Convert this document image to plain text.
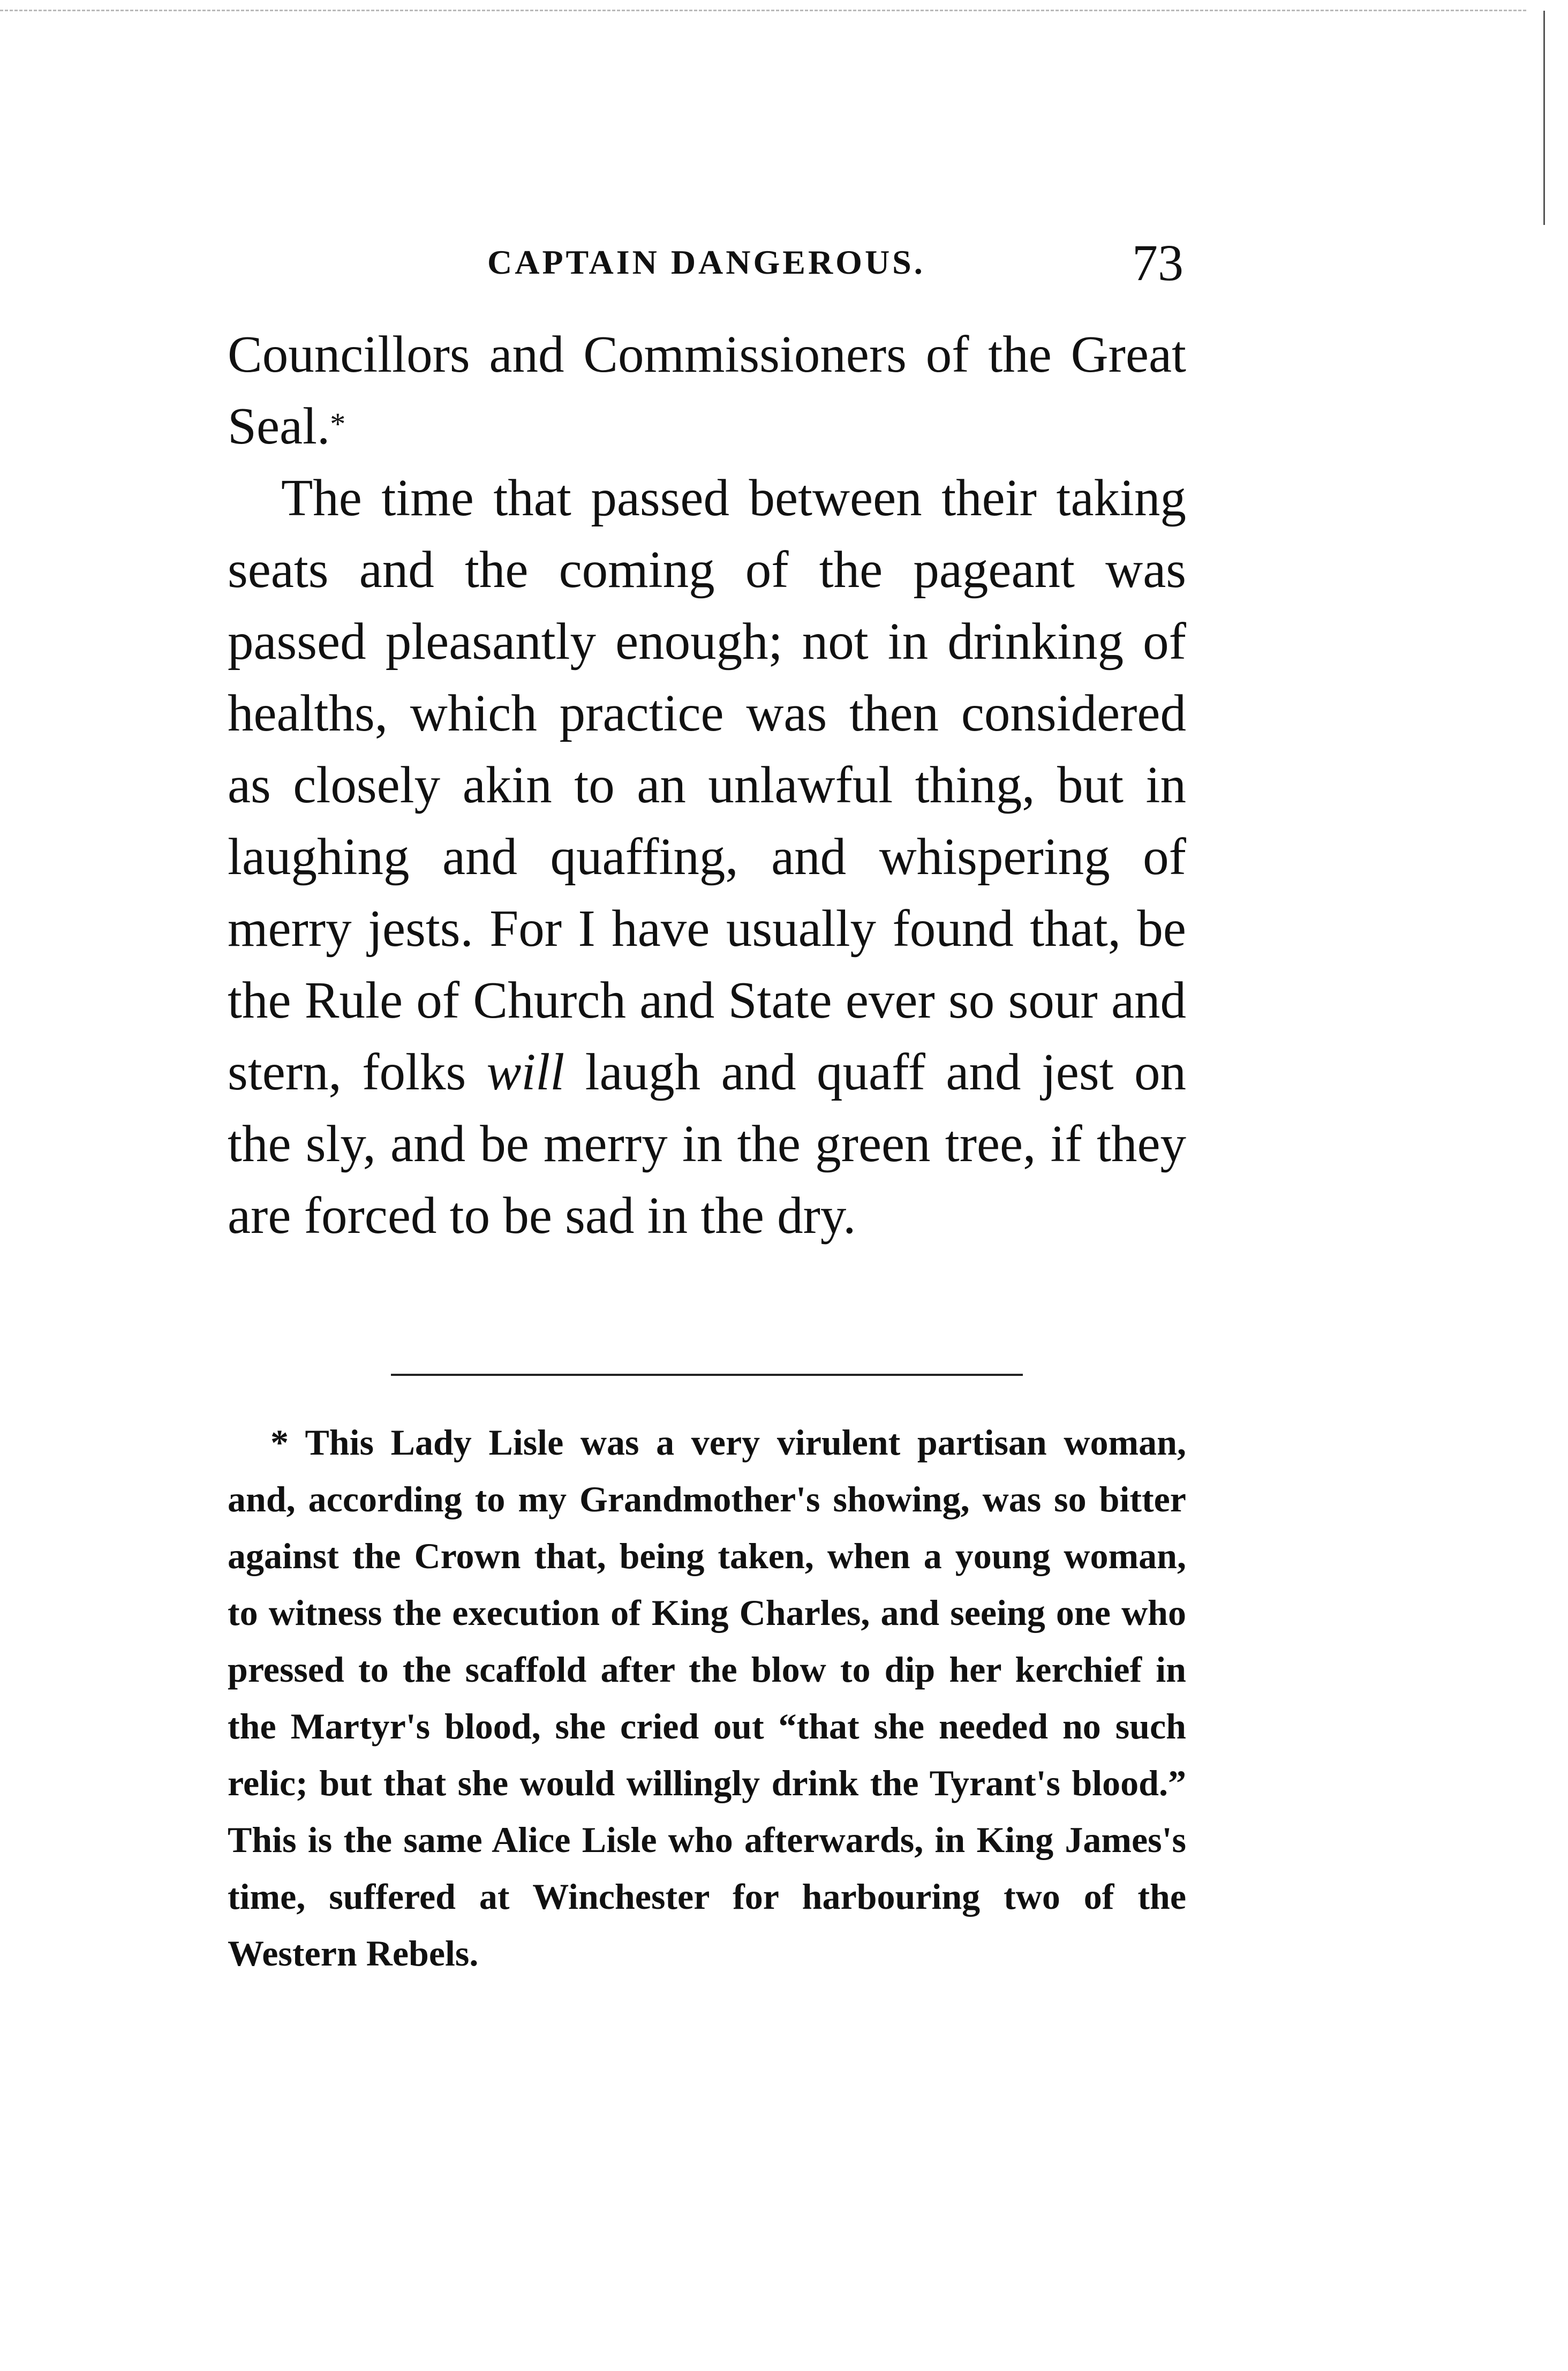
CAPTAIN DANGEROUS.	73

Councillors and Commissioners of the Great Seal.*

The time that passed between their taking seats and the coming of the pageant was passed pleasantly enough; not in drinking of healths, which practice was then considered as closely akin to an unlawful thing, but in laughing and quaffing, and whispering of merry jests. For I have usually found that, be the Rule of Church and State ever so sour and stern, folks will laugh and quaff and jest on the sly, and be merry in the green tree, if they are forced to be sad in the dry.

* This Lady Lisle was a very virulent partisan woman, and, according to my Grandmother's showing, was so bitter against the Crown that, being taken, when a young woman, to witness the execution of King Charles, and seeing one who pressed to the scaffold after the blow to dip her kerchief in the Martyr's blood, she cried out “that she needed no such relic; but that she would willingly drink the Tyrant's blood.” This is the same Alice Lisle who afterwards, in King James's time, suffered at Winchester for harbouring two of the Western Rebels.
